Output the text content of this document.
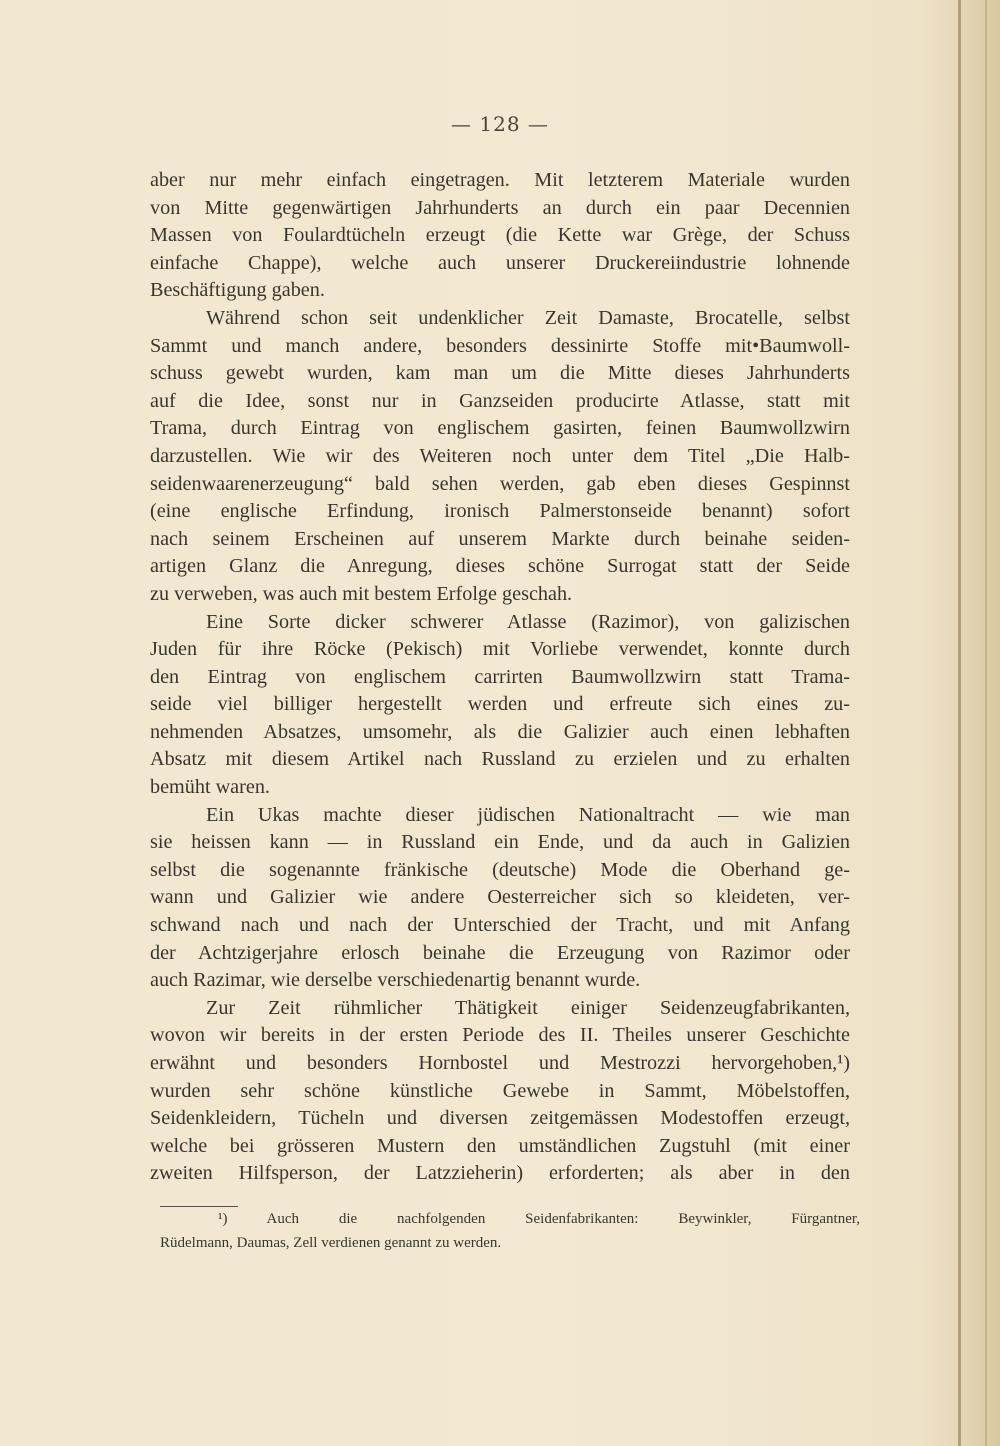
— 128 —
aber nur mehr einfach eingetragen. Mit letzterem Materiale wurden
von Mitte gegenwärtigen Jahrhunderts an durch ein paar Decennien
Massen von Foulardtücheln erzeugt (die Kette war Grège, der Schuss
einfache Chappe), welche auch unserer Druckereiindustrie lohnende
Beschäftigung gaben.
Während schon seit undenklicher Zeit Damaste, Brocatelle, selbst
Sammt und manch andere, besonders dessinirte Stoffe mit•Baumwoll-
schuss gewebt wurden, kam man um die Mitte dieses Jahrhunderts
auf die Idee, sonst nur in Ganzseiden producirte Atlasse, statt mit
Trama, durch Eintrag von englischem gasirten, feinen Baumwollzwirn
darzustellen. Wie wir des Weiteren noch unter dem Titel „Die Halb-
seidenwaarenerzeugung“ bald sehen werden, gab eben dieses Gespinnst
(eine englische Erfindung, ironisch Palmerstonseide benannt) sofort
nach seinem Erscheinen auf unserem Markte durch beinahe seiden-
artigen Glanz die Anregung, dieses schöne Surrogat statt der Seide
zu verweben, was auch mit bestem Erfolge geschah.
Eine Sorte dicker schwerer Atlasse (Razimor), von galizischen
Juden für ihre Röcke (Pekisch) mit Vorliebe verwendet, konnte durch
den Eintrag von englischem carrirten Baumwollzwirn statt Trama-
seide viel billiger hergestellt werden und erfreute sich eines zu-
nehmenden Absatzes, umsomehr, als die Galizier auch einen lebhaften
Absatz mit diesem Artikel nach Russland zu erzielen und zu erhalten
bemüht waren.
Ein Ukas machte dieser jüdischen Nationaltracht — wie man
sie heissen kann — in Russland ein Ende, und da auch in Galizien
selbst die sogenannte fränkische (deutsche) Mode die Oberhand ge-
wann und Galizier wie andere Oesterreicher sich so kleideten, ver-
schwand nach und nach der Unterschied der Tracht, und mit Anfang
der Achtzigerjahre erlosch beinahe die Erzeugung von Razimor oder
auch Razimar, wie derselbe verschiedenartig benannt wurde.
Zur Zeit rühmlicher Thätigkeit einiger Seidenzeugfabrikanten,
wovon wir bereits in der ersten Periode des II. Theiles unserer Geschichte
erwähnt und besonders Hornbostel und Mestrozzi hervorgehoben,¹)
wurden sehr schöne künstliche Gewebe in Sammt, Möbelstoffen,
Seidenkleidern, Tücheln und diversen zeitgemässen Modestoffen erzeugt,
welche bei grösseren Mustern den umständlichen Zugstuhl (mit einer
zweiten Hilfsperson, der Latzzieherin) erforderten; als aber in den
¹) Auch die nachfolgenden Seidenfabrikanten: Beywinkler, Fürgantner,
Rüdelmann, Daumas, Zell verdienen genannt zu werden.
